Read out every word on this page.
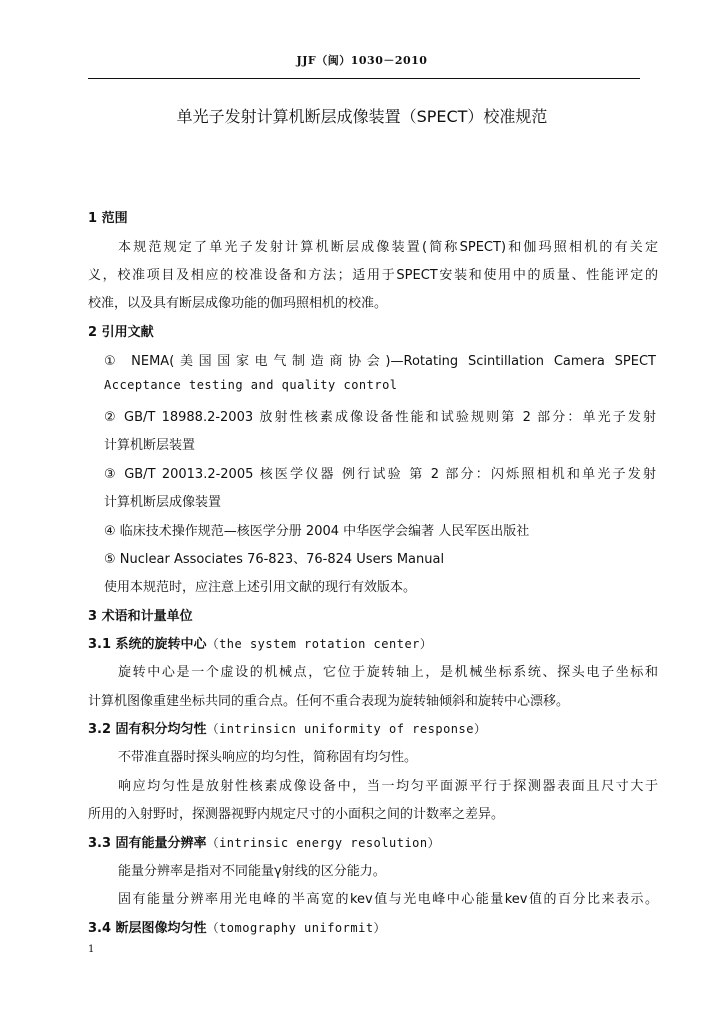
JJF（闽）1030－2010
单光子发射计算机断层成像装置（SPECT）校准规范
1 范围
本规范规定了单光子发射计算机断层成像装置(简称SPECT)和伽玛照相机的有关定
义，校准项目及相应的校准设备和方法；适用于SPECT安装和使用中的质量、性能评定的
校准，以及具有断层成像功能的伽玛照相机的校准。
2 引用文献
① NEMA(美国国家电气制造商协会)—Rotating Scintillation Camera SPECT
Acceptance testing and quality control
② GB/T 18988.2-2003 放射性核素成像设备性能和试验规则第 2 部分：单光子发射
计算机断层装置
③ GB/T 20013.2-2005 核医学仪器 例行试验 第 2 部分：闪烁照相机和单光子发射
计算机断层成像装置
④ 临床技术操作规范—核医学分册 2004 中华医学会编著 人民军医出版社
⑤ Nuclear Associates 76-823、76-824 Users Manual
使用本规范时，应注意上述引用文献的现行有效版本。
3 术语和计量单位
3.1 系统的旋转中心（the system rotation center）
旋转中心是一个虚设的机械点，它位于旋转轴上，是机械坐标系统、探头电子坐标和
计算机图像重建坐标共同的重合点。任何不重合表现为旋转轴倾斜和旋转中心漂移。
3.2 固有积分均匀性（intrinsicn uniformity of response）
不带准直器时探头响应的均匀性，简称固有均匀性。
响应均匀性是放射性核素成像设备中，当一均匀平面源平行于探测器表面且尺寸大于
所用的入射野时，探测器视野内规定尺寸的小面积之间的计数率之差异。
3.3 固有能量分辨率（intrinsic energy resolution）
能量分辨率是指对不同能量γ射线的区分能力。
固有能量分辨率用光电峰的半高宽的kev值与光电峰中心能量kev值的百分比来表示。
3.4 断层图像均匀性（tomography uniformit）
1
